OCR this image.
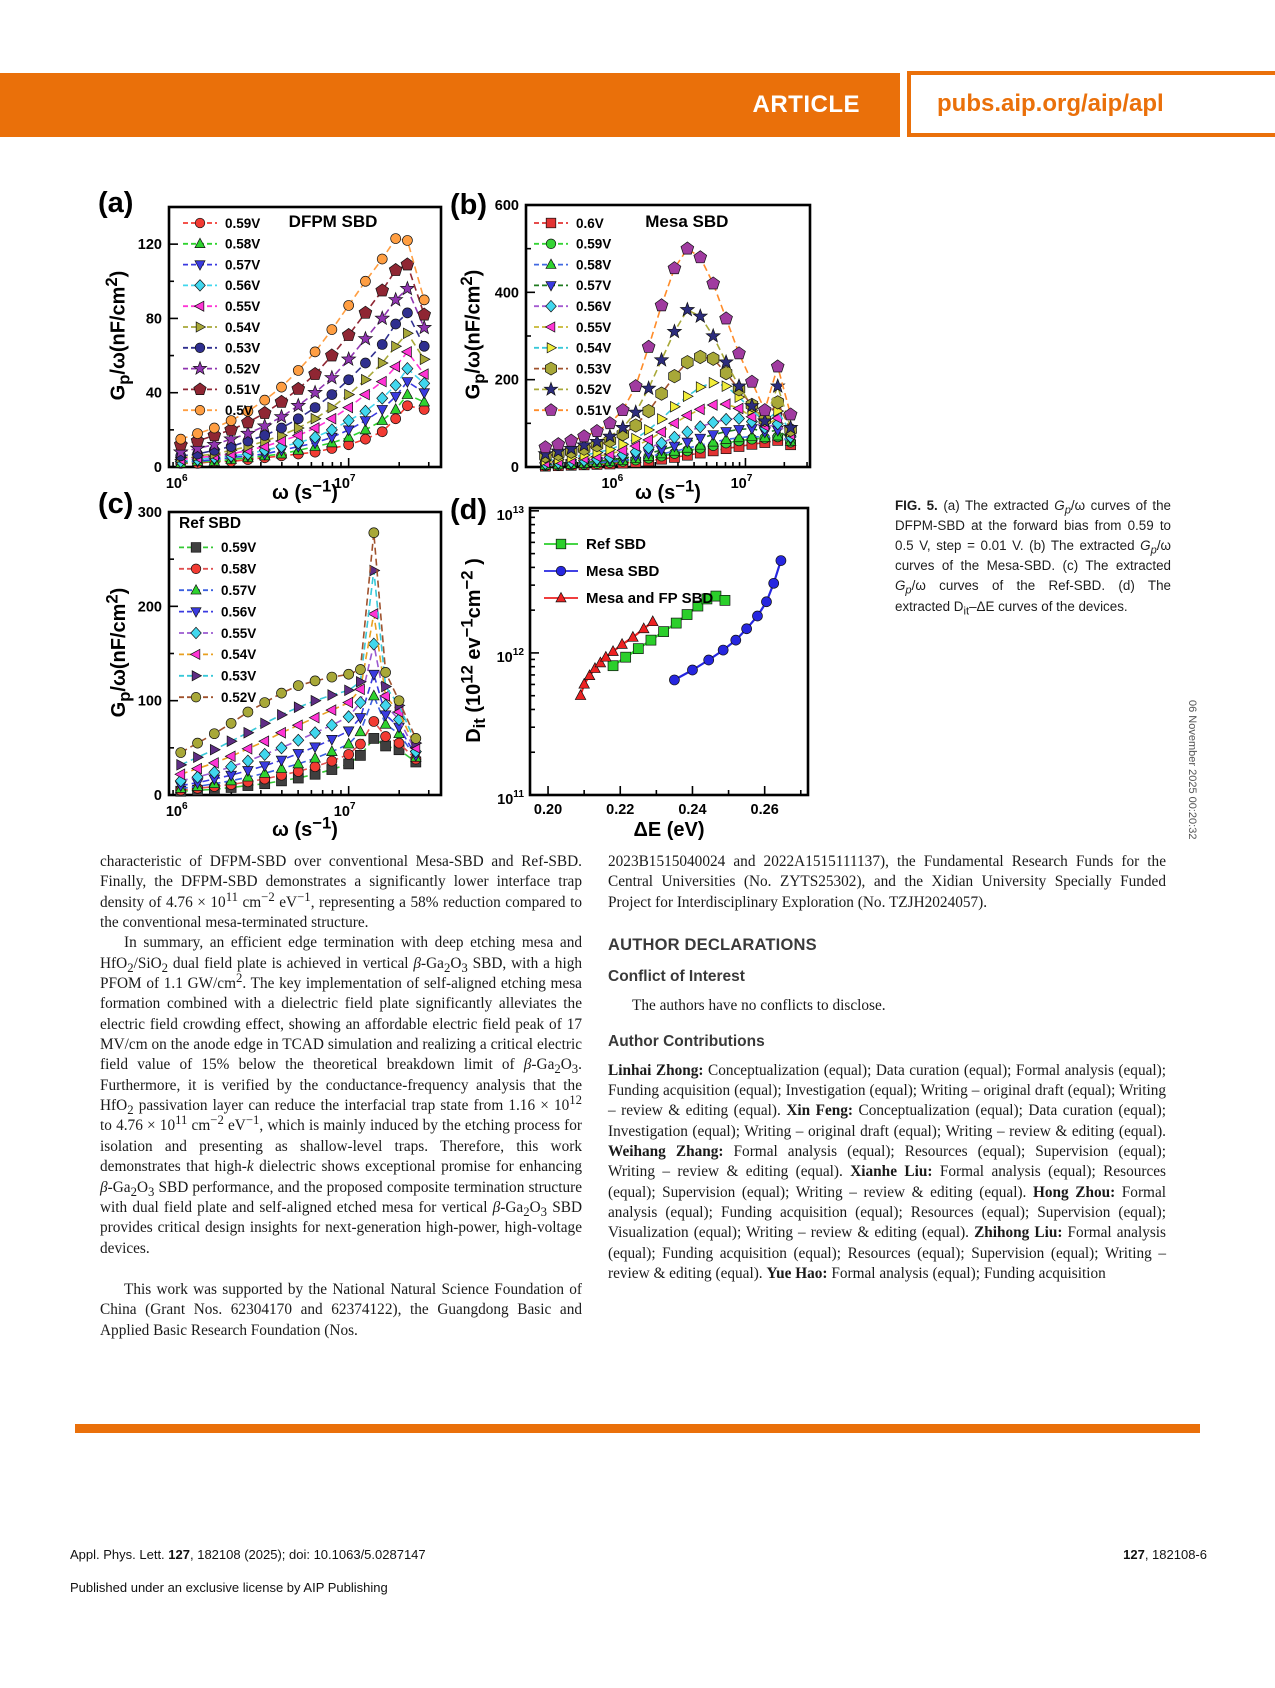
ARTICLE	pubs.aip.org/aip/apl
$10^6$	$10^7$
0
40
80
120
0.59V
0.58V
0.57V
0.56V
0.55V
0.54V
0.53V
0.52V
0.51V
0.5V
DFPM SBD
(a)
$G_p/\omega(nF/cm^2)$
ω $(s^{-1})$	$10^6$	$10^7$
0
200
400
600
0.6V
0.59V
0.58V
0.57V
0.56V
0.55V
0.54V
0.53V
0.52V
0.51V
Mesa SBD
(b)
$G_p/\omega(nF/cm^2)$
ω $(s^{-1})$
$10^6$	$10^7$
0
100
200
300
Ref SBD
0.59V
0.58V
0.57V
0.56V
0.55V
0.54V
0.53V
0.52V
(c)
$G_p/\omega(nF/cm^2)$
ω $(s^{-1})$
0.20	0.22	0.24	0.26
$10^{11}$
$10^{12}$
$10^{13}$
Ref SBD
Mesa SBD
Mesa and FP SBD
(d)
$D_{it}$ ($10^{12}$ $ev^{-1}cm^{-2}$ )
ΔE (eV)
FIG. 5. (a) The extracted $G_p/\omega$ curves of the DFPM-SBD at the forward bias from 0.59 to 0.5 V, step = 0.01 V. (b) The extracted $G_p/\omega$ curves of the Mesa-SBD. (c) The extracted $G_p/\omega$ curves of the Ref-SBD. (d) The extracted $D_{it}-\Delta E$ curves of the devices.
06 November 2025 00:20:32

characteristic of DFPM-SBD over conventional Mesa-SBD and Ref-SBD. Finally, the DFPM-SBD demonstrates a significantly lower interface trap density of $4.76 \times 10^{11}$ $cm^{-2}$ $eV^{-1}$, representing a 58% reduction compared to the conventional mesa-terminated structure.

In summary, an efficient edge termination with deep etching mesa and HfO$_2$/SiO$_2$ dual field plate is achieved in vertical $\beta-Ga_2O_3$ SBD, with a high PFOM of 1.1 $GW/cm^2$. The key implementation of self-aligned etching mesa formation combined with a dielectric field plate significantly alleviates the electric field crowding effect, showing an affordable electric field peak of 17 MV/cm on the anode edge in TCAD simulation and realizing a critical electric field value of 15% below the theoretical breakdown limit of $\beta-Ga_2O_3$. Furthermore, it is verified by the conductance-frequency analysis that the HfO$_2$ passivation layer can reduce the interfacial trap state from $1.16 \times 10^{12}$ to $4.76 \times 10^{11}$ $cm^{-2}$ $eV^{-1}$, which is mainly induced by the etching process for isolation and presenting as shallow-level traps. Therefore, this work demonstrates that high-k dielectric shows exceptional promise for enhancing $\beta-Ga_2O_3$ SBD performance, and the proposed composite termination structure with dual field plate and self-aligned etched mesa for vertical $\beta-Ga_2O_3$ SBD provides critical design insights for next-generation high-power, high-voltage devices.

This work was supported by the National Natural Science Foundation of China (Grant Nos. 62304170 and 62374122), the Guangdong Basic and Applied Basic Research Foundation (Nos.

2023B1515040024 and 2022A1515111137), the Fundamental Research Funds for the Central Universities (No. ZYTS25302), and the Xidian University Specially Funded Project for Interdisciplinary Exploration (No. TZJH2024057).

AUTHOR DECLARATIONS
Conflict of Interest

The authors have no conflicts to disclose.

Author Contributions

Linhai Zhong: Conceptualization (equal); Data curation (equal); Formal analysis (equal); Funding acquisition (equal); Investigation (equal); Writing – original draft (equal); Writing – review & editing (equal). Xin Feng: Conceptualization (equal); Data curation (equal); Investigation (equal); Writing – original draft (equal); Writing – review & editing (equal). Weihang Zhang: Formal analysis (equal); Resources (equal); Supervision (equal); Writing – review & editing (equal). Xianhe Liu: Formal analysis (equal); Resources (equal); Supervision (equal); Writing – review & editing (equal). Hong Zhou: Formal analysis (equal); Funding acquisition (equal); Resources (equal); Supervision (equal); Visualization (equal); Writing – review & editing (equal). Zhihong Liu: Formal analysis (equal); Funding acquisition (equal); Resources (equal); Supervision (equal); Writing – review & editing (equal). Yue Hao: Formal analysis (equal); Funding acquisition

Appl. Phys. Lett. 127, 182108 (2025); doi: 10.1063/5.0287147
Published under an exclusive license by AIP Publishing
127, 182108-6
